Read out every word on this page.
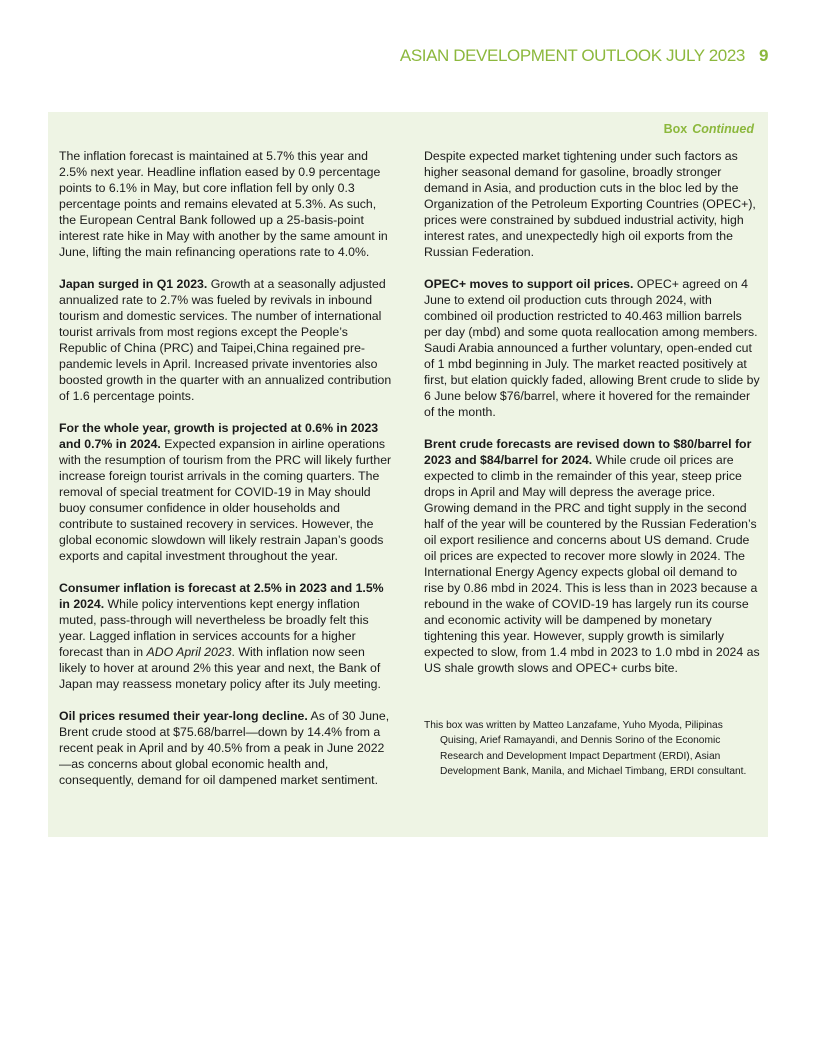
ASIAN DEVELOPMENT OUTLOOK JULY 2023 9
Box Continued

The inflation forecast is maintained at 5.7% this year and 2.5% next year. Headline inflation eased by 0.9 percentage points to 6.1% in May, but core inflation fell by only 0.3 percentage points and remains elevated at 5.3%. As such, the European Central Bank followed up a 25-basis-point interest rate hike in May with another by the same amount in June, lifting the main refinancing operations rate to 4.0%.

Japan surged in Q1 2023. Growth at a seasonally adjusted annualized rate to 2.7% was fueled by revivals in inbound tourism and domestic services. The number of international tourist arrivals from most regions except the People’s Republic of China (PRC) and Taipei,China regained pre-pandemic levels in April. Increased private inventories also boosted growth in the quarter with an annualized contribution of 1.6 percentage points.

For the whole year, growth is projected at 0.6% in 2023 and 0.7% in 2024. Expected expansion in airline operations with the resumption of tourism from the PRC will likely further increase foreign tourist arrivals in the coming quarters. The removal of special treatment for COVID-19 in May should buoy consumer confidence in older households and contribute to sustained recovery in services. However, the global economic slowdown will likely restrain Japan’s goods exports and capital investment throughout the year.

Consumer inflation is forecast at 2.5% in 2023 and 1.5% in 2024. While policy interventions kept energy inflation muted, pass-through will nevertheless be broadly felt this year. Lagged inflation in services accounts for a higher forecast than in ADO April 2023. With inflation now seen likely to hover at around 2% this year and next, the Bank of Japan may reassess monetary policy after its July meeting.

Oil prices resumed their year-long decline. As of 30 June, Brent crude stood at $75.68/barrel—down by 14.4% from a recent peak in April and by 40.5% from a peak in June 2022—as concerns about global economic health and, consequently, demand for oil dampened market sentiment.

Despite expected market tightening under such factors as higher seasonal demand for gasoline, broadly stronger demand in Asia, and production cuts in the bloc led by the Organization of the Petroleum Exporting Countries (OPEC+), prices were constrained by subdued industrial activity, high interest rates, and unexpectedly high oil exports from the Russian Federation.

OPEC+ moves to support oil prices. OPEC+ agreed on 4 June to extend oil production cuts through 2024, with combined oil production restricted to 40.463 million barrels per day (mbd) and some quota reallocation among members. Saudi Arabia announced a further voluntary, open-ended cut of 1 mbd beginning in July. The market reacted positively at first, but elation quickly faded, allowing Brent crude to slide by 6 June below $76/barrel, where it hovered for the remainder of the month.

Brent crude forecasts are revised down to $80/barrel for 2023 and $84/barrel for 2024. While crude oil prices are expected to climb in the remainder of this year, steep price drops in April and May will depress the average price. Growing demand in the PRC and tight supply in the second half of the year will be countered by the Russian Federation’s oil export resilience and concerns about US demand. Crude oil prices are expected to recover more slowly in 2024. The International Energy Agency expects global oil demand to rise by 0.86 mbd in 2024. This is less than in 2023 because a rebound in the wake of COVID-19 has largely run its course and economic activity will be dampened by monetary tightening this year. However, supply growth is similarly expected to slow, from 1.4 mbd in 2023 to 1.0 mbd in 2024 as US shale growth slows and OPEC+ curbs bite.

This box was written by Matteo Lanzafame, Yuho Myoda, Pilipinas Quising, Arief Ramayandi, and Dennis Sorino of the Economic Research and Development Impact Department (ERDI), Asian Development Bank, Manila, and Michael Timbang, ERDI consultant.
